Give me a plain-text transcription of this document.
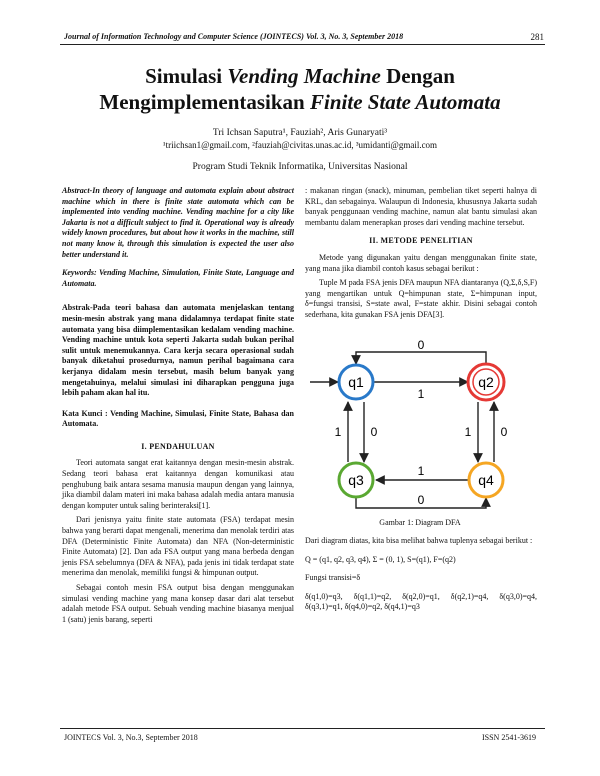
Journal of Information Technology and Computer Science (JOINTECS) Vol. 3, No. 3, September 2018	281
Simulasi Vending Machine Dengan
Mengimplementasikan Finite State Automata
Tri Ichsan Saputra¹, Fauziah², Aris Gunaryati³
¹triichsan1@gmail.com, ²fauziah@civitas.unas.ac.id, ³umidanti@gmail.com
Program Studi Teknik Informatika, Universitas Nasional

Abstract-In theory of language and automata explain about abstract machine which in there is finite state automata which can be implemented into vending machine. Vending machine for a city like Jakarta is not a difficult subject to find it. Operational way is already widely known procedures, but about how it works in the machine, still not many know it, through this simulation is expected the user also better understand it.

Keywords: Vending Machine, Simulation, Finite State, Language and Automata.

Abstrak-Pada teori bahasa dan automata menjelaskan tentang mesin-mesin abstrak yang mana didalamnya terdapat finite state automata yang bisa diimplementasikan kedalam vending machine. Vending machine untuk kota seperti Jakarta sudah bukan perihal sulit untuk menemukannya. Cara kerja secara operasional sudah banyak diketahui prosedurnya, namun perihal bagaimana cara kerjanya didalam mesin tersebut, masih belum banyak yang mengetahuinya, melalui simulasi ini diharapkan pengguna juga lebih paham akan hal itu.

Kata Kunci : Vending Machine, Simulasi, Finite State, Bahasa dan Automata.

I. PENDAHULUAN

Teori automata sangat erat kaitannya dengan mesin-mesin abstrak. Sedang teori bahasa erat kaitannya dengan komunikasi atau penghubung baik antara sesama manusia maupun dengan yang lainnya, jika diambil dalam materi ini maka bahasa adalah media antara manusia dengan komputer untuk saling berinteraksi[1].

Dari jenisnya yaitu finite state automata (FSA) terdapat mesin bahwa yang berarti dapat mengenali, menerima dan menolak terdiri atas DFA (Deterministic Finite Automata) dan NFA (Non-deterministic Finite Automata) [2]. Dan ada FSA output yang mana berbeda dengan jenis FSA sebelumnya (DFA & NFA), pada jenis ini tidak terdapat state menerima dan menolak, memiliki fungsi & himpunan output.

Sebagai contoh mesin FSA output bisa dengan menggunakan simulasi vending machine yang mana konsep dasar dari alat tersebut adalah metode FSA output. Sebuah vending machine biasanya menjual 1 (satu) jenis barang, seperti

: makanan ringan (snack), minuman, pembelian tiket seperti halnya di KRL, dan sebagainya. Walaupun di Indonesia, khususnya Jakarta sudah banyak penggunaan vending machine, namun alat bantu simulasi akan membantu dalam menerapkan proses dari vending machine tersebut.

II. METODE PENELITIAN

Metode yang digunakan yaitu dengan menggunakan finite state, yang mana jika diambil contoh kasus sebagai berikut :

Tuple M pada FSA jenis DFA maupun NFA diantaranya (Q,Σ,δ,S,F) yang mengartikan untuk Q=himpunan state, Σ=himpunan input, δ=fungsi transisi, S=state awal, F=state akhir. Disini sebagai contoh sederhana, kita gunakan FSA jenis DFA[3].

0
1
1 0	1 0
1
0
q1	q2
q3	q4
Gambar 1: Diagram DFA

Dari diagram diatas, kita bisa melihat bahwa tuplenya sebagai berikut :

Q = (q1, q2, q3, q4), Σ = (0, 1), S=(q1), F=(q2)

Fungsi transisi=δ

δ(q1,0)=q3, δ(q1,1)=q2, δ(q2,0)=q1, δ(q2,1)=q4, δ(q3,0)=q4, δ(q3,1)=q1, δ(q4,0)=q2, δ(q4,1)=q3

JOINTECS Vol. 3, No.3, September 2018	ISSN 2541-3619
